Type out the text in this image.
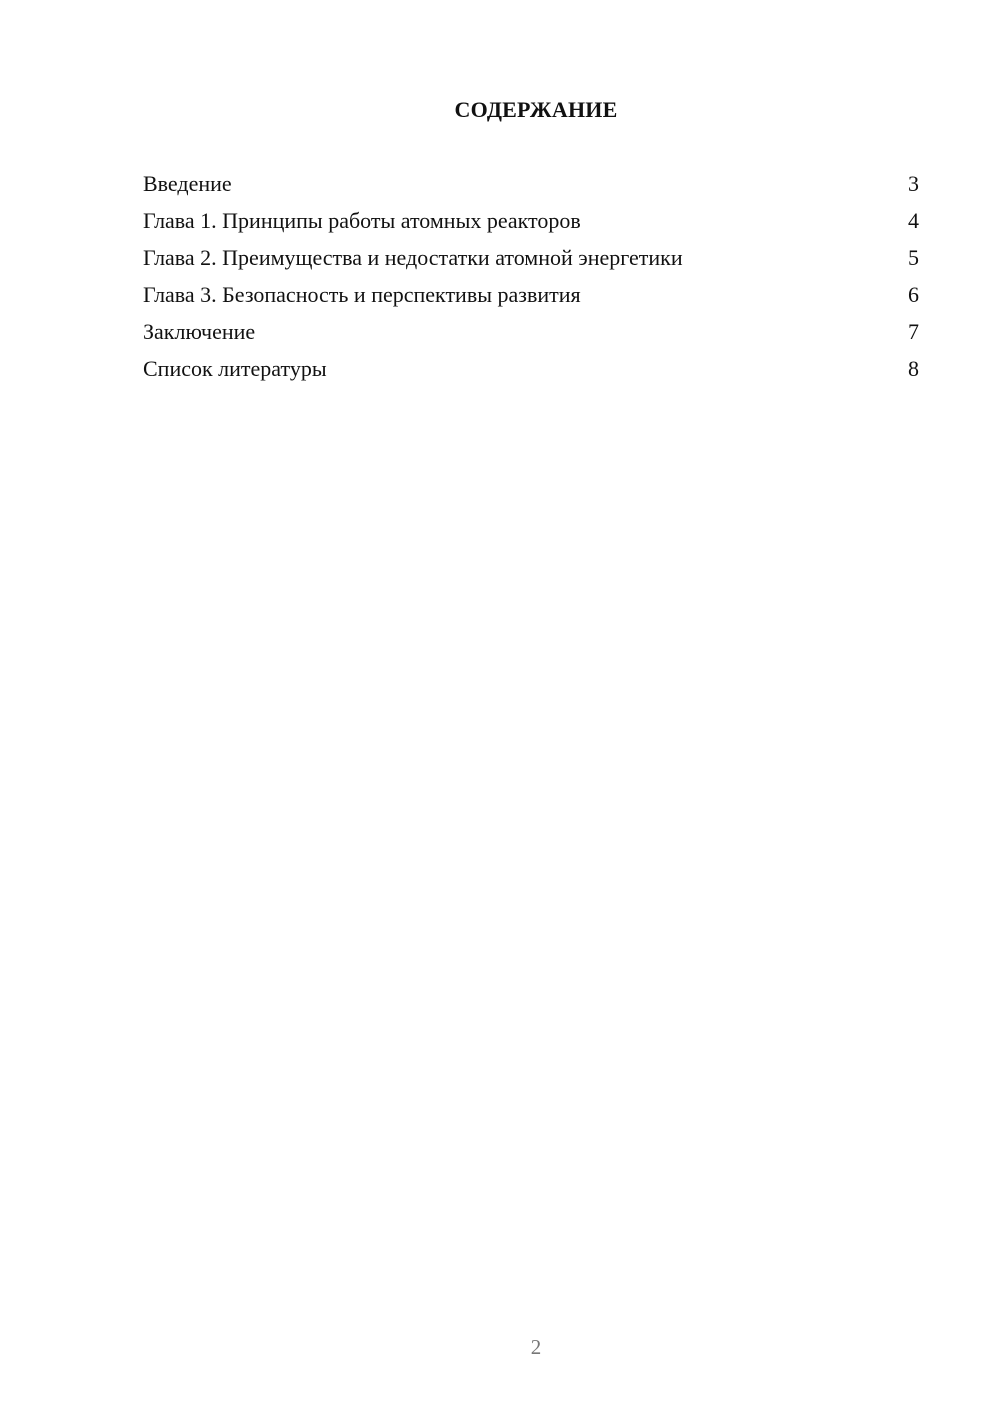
СОДЕРЖАНИЕ
Введение	3
Глава 1. Принципы работы атомных реакторов	4
Глава 2. Преимущества и недостатки атомной энергетики	5
Глава 3. Безопасность и перспективы развития	6
Заключение	7
Список литературы	8
2
